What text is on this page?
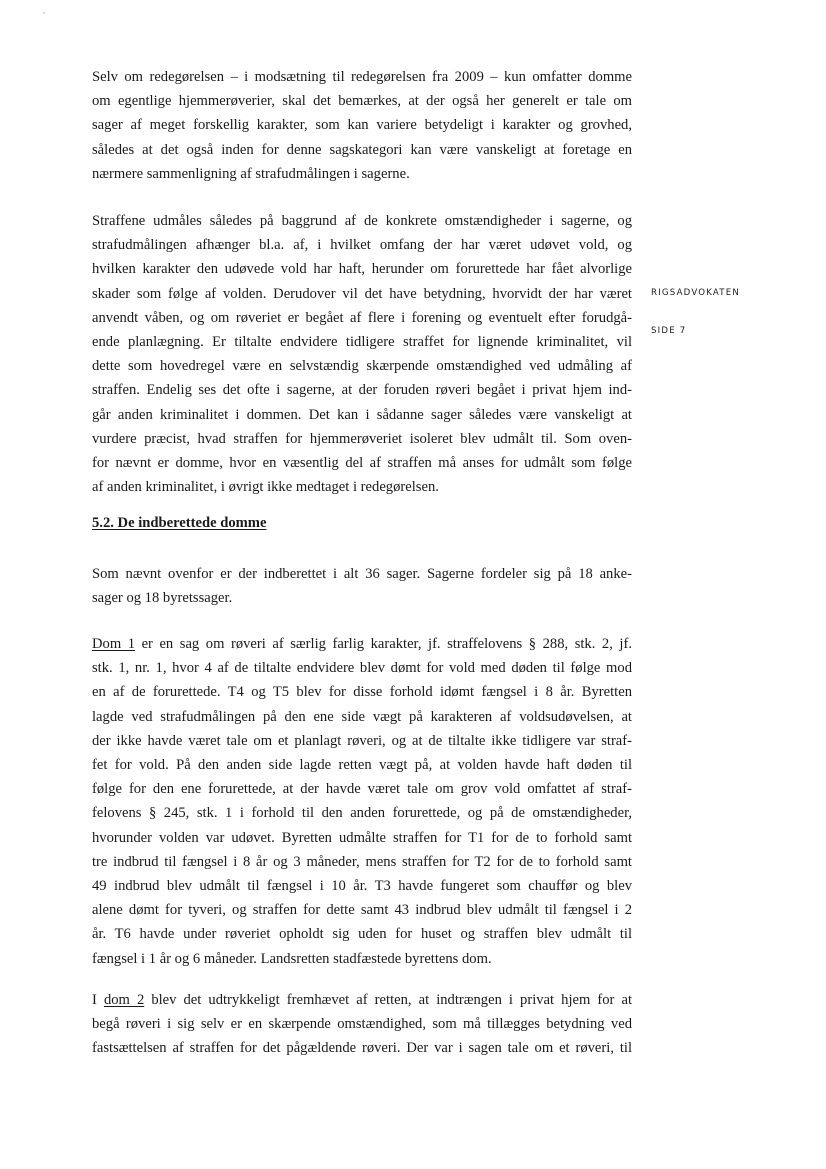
RIGSADVOKATEN
SIDE 7
Selv om redegørelsen – i modsætning til redegørelsen fra 2009 – kun omfatter domme
om egentlige hjemmerøverier, skal det bemærkes, at der også her generelt er tale om
sager af meget forskellig karakter, som kan variere betydeligt i karakter og grovhed,
således at det også inden for denne sagskategori kan være vanskeligt at foretage en
nærmere sammenligning af strafudmålingen i sagerne.
Straffene udmåles således på baggrund af de konkrete omstændigheder i sagerne, og
strafudmålingen afhænger bl.a. af, i hvilket omfang der har været udøvet vold, og
hvilken karakter den udøvede vold har haft, herunder om forurettede har fået alvorlige
skader som følge af volden. Derudover vil det have betydning, hvorvidt der har været
anvendt våben, og om røveriet er begået af flere i forening og eventuelt efter forudgå-
ende planlægning. Er tiltalte endvidere tidligere straffet for lignende kriminalitet, vil
dette som hovedregel være en selvstændig skærpende omstændighed ved udmåling af
straffen. Endelig ses det ofte i sagerne, at der foruden røveri begået i privat hjem ind-
går anden kriminalitet i dommen. Det kan i sådanne sager således være vanskeligt at
vurdere præcist, hvad straffen for hjemmerøveriet isoleret blev udmålt til. Som oven-
for nævnt er domme, hvor en væsentlig del af straffen må anses for udmålt som følge
af anden kriminalitet, i øvrigt ikke medtaget i redegørelsen.
5.2. De indberettede domme
Som nævnt ovenfor er der indberettet i alt 36 sager. Sagerne fordeler sig på 18 anke-
sager og 18 byretssager.
Dom 1 er en sag om røveri af særlig farlig karakter, jf. straffelovens § 288, stk. 2, jf.
stk. 1, nr. 1, hvor 4 af de tiltalte endvidere blev dømt for vold med døden til følge mod
en af de forurettede. T4 og T5 blev for disse forhold idømt fængsel i 8 år. Byretten
lagde ved strafudmålingen på den ene side vægt på karakteren af voldsudøvelsen, at
der ikke havde været tale om et planlagt røveri, og at de tiltalte ikke tidligere var straf-
fet for vold. På den anden side lagde retten vægt på, at volden havde haft døden til
følge for den ene forurettede, at der havde været tale om grov vold omfattet af straf-
felovens § 245, stk. 1 i forhold til den anden forurettede, og på de omstændigheder,
hvorunder volden var udøvet. Byretten udmålte straffen for T1 for de to forhold samt
tre indbrud til fængsel i 8 år og 3 måneder, mens straffen for T2 for de to forhold samt
49 indbrud blev udmålt til fængsel i 10 år. T3 havde fungeret som chauffør og blev
alene dømt for tyveri, og straffen for dette samt 43 indbrud blev udmålt til fængsel i 2
år. T6 havde under røveriet opholdt sig uden for huset og straffen blev udmålt til
fængsel i 1 år og 6 måneder. Landsretten stadfæstede byrettens dom.
I dom 2 blev det udtrykkeligt fremhævet af retten, at indtrængen i privat hjem for at
begå røveri i sig selv er en skærpende omstændighed, som må tillægges betydning ved
fastsættelsen af straffen for det pågældende røveri. Der var i sagen tale om et røveri, til
